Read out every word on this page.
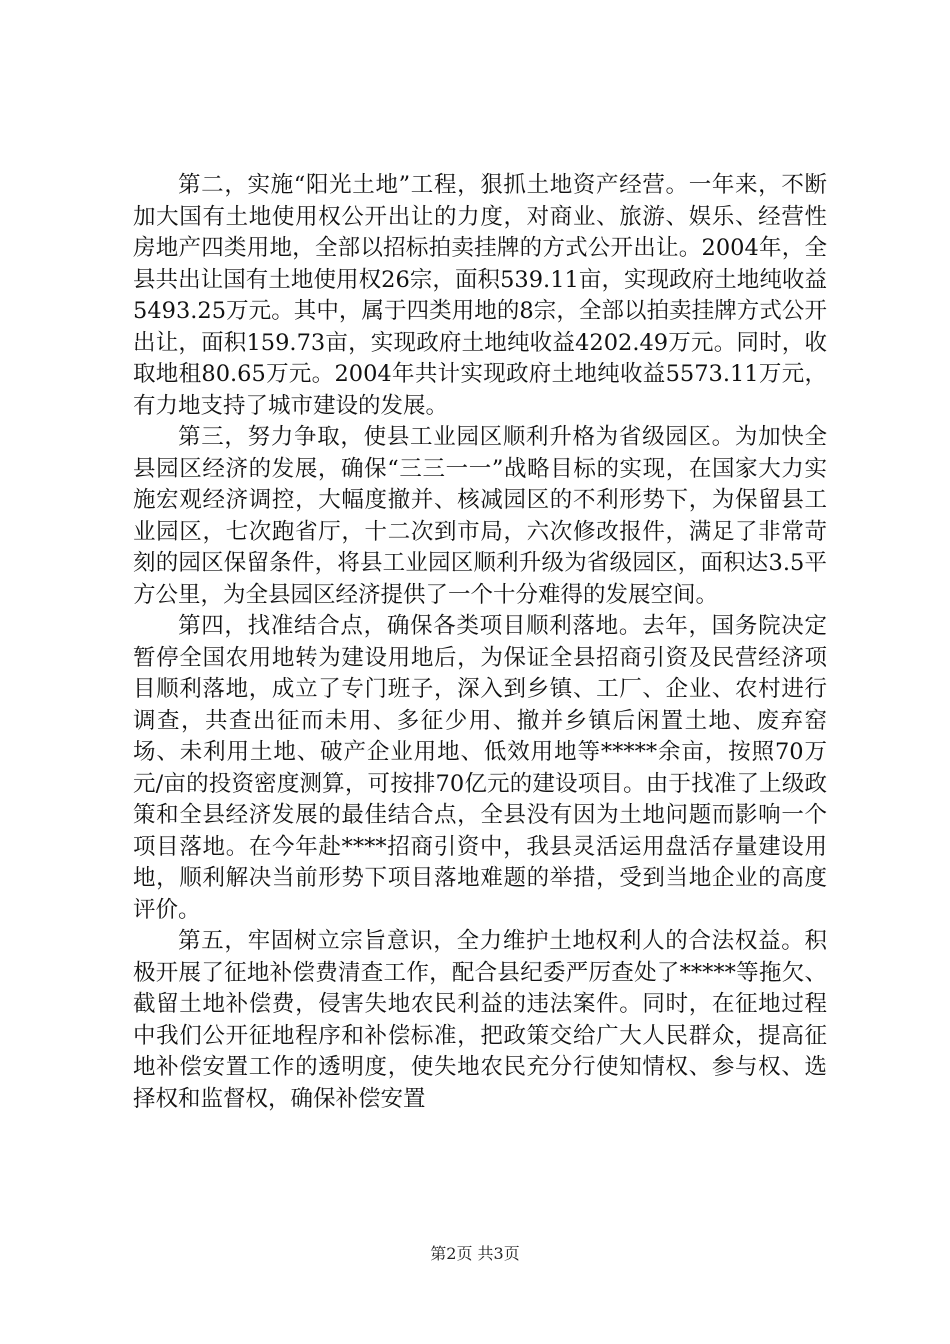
第二，实施“阳光土地”工程，狠抓土地资产经营。一年来，不断加大国有土地使用权公开出让的力度，对商业、旅游、娱乐、经营性房地产四类用地，全部以招标拍卖挂牌的方式公开出让。2004年，全县共出让国有土地使用权26宗，面积539.11亩，实现政府土地纯收益5493.25万元。其中，属于四类用地的8宗，全部以拍卖挂牌方式公开出让，面积159.73亩，实现政府土地纯收益4202.49万元。同时，收取地租80.65万元。2004年共计实现政府土地纯收益5573.11万元，有力地支持了城市建设的发展。

第三，努力争取，使县工业园区顺利升格为省级园区。为加快全县园区经济的发展，确保“三三一一”战略目标的实现，在国家大力实施宏观经济调控，大幅度撤并、核减园区的不利形势下，为保留县工业园区，七次跑省厅，十二次到市局，六次修改报件，满足了非常苛刻的园区保留条件，将县工业园区顺利升级为省级园区，面积达3.5平方公里，为全县园区经济提供了一个十分难得的发展空间。

第四，找准结合点，确保各类项目顺利落地。去年，国务院决定暂停全国农用地转为建设用地后，为保证全县招商引资及民营经济项目顺利落地，成立了专门班子，深入到乡镇、工厂、企业、农村进行调查，共查出征而未用、多征少用、撤并乡镇后闲置土地、废弃窑场、未利用土地、破产企业用地、低效用地等*****余亩，按照70万元/亩的投资密度测算，可按排70亿元的建设项目。由于找准了上级政策和全县经济发展的最佳结合点，全县没有因为土地问题而影响一个项目落地。在今年赴****招商引资中，我县灵活运用盘活存量建设用地，顺利解决当前形势下项目落地难题的举措，受到当地企业的高度评价。

第五，牢固树立宗旨意识，全力维护土地权利人的合法权益。积极开展了征地补偿费清查工作，配合县纪委严厉查处了*****等拖欠、截留土地补偿费，侵害失地农民利益的违法案件。同时，在征地过程中我们公开征地程序和补偿标准，把政策交给广大人民群众，提高征地补偿安置工作的透明度，使失地农民充分行使知情权、参与权、选择权和监督权，确保补偿安置

第2页 共3页
